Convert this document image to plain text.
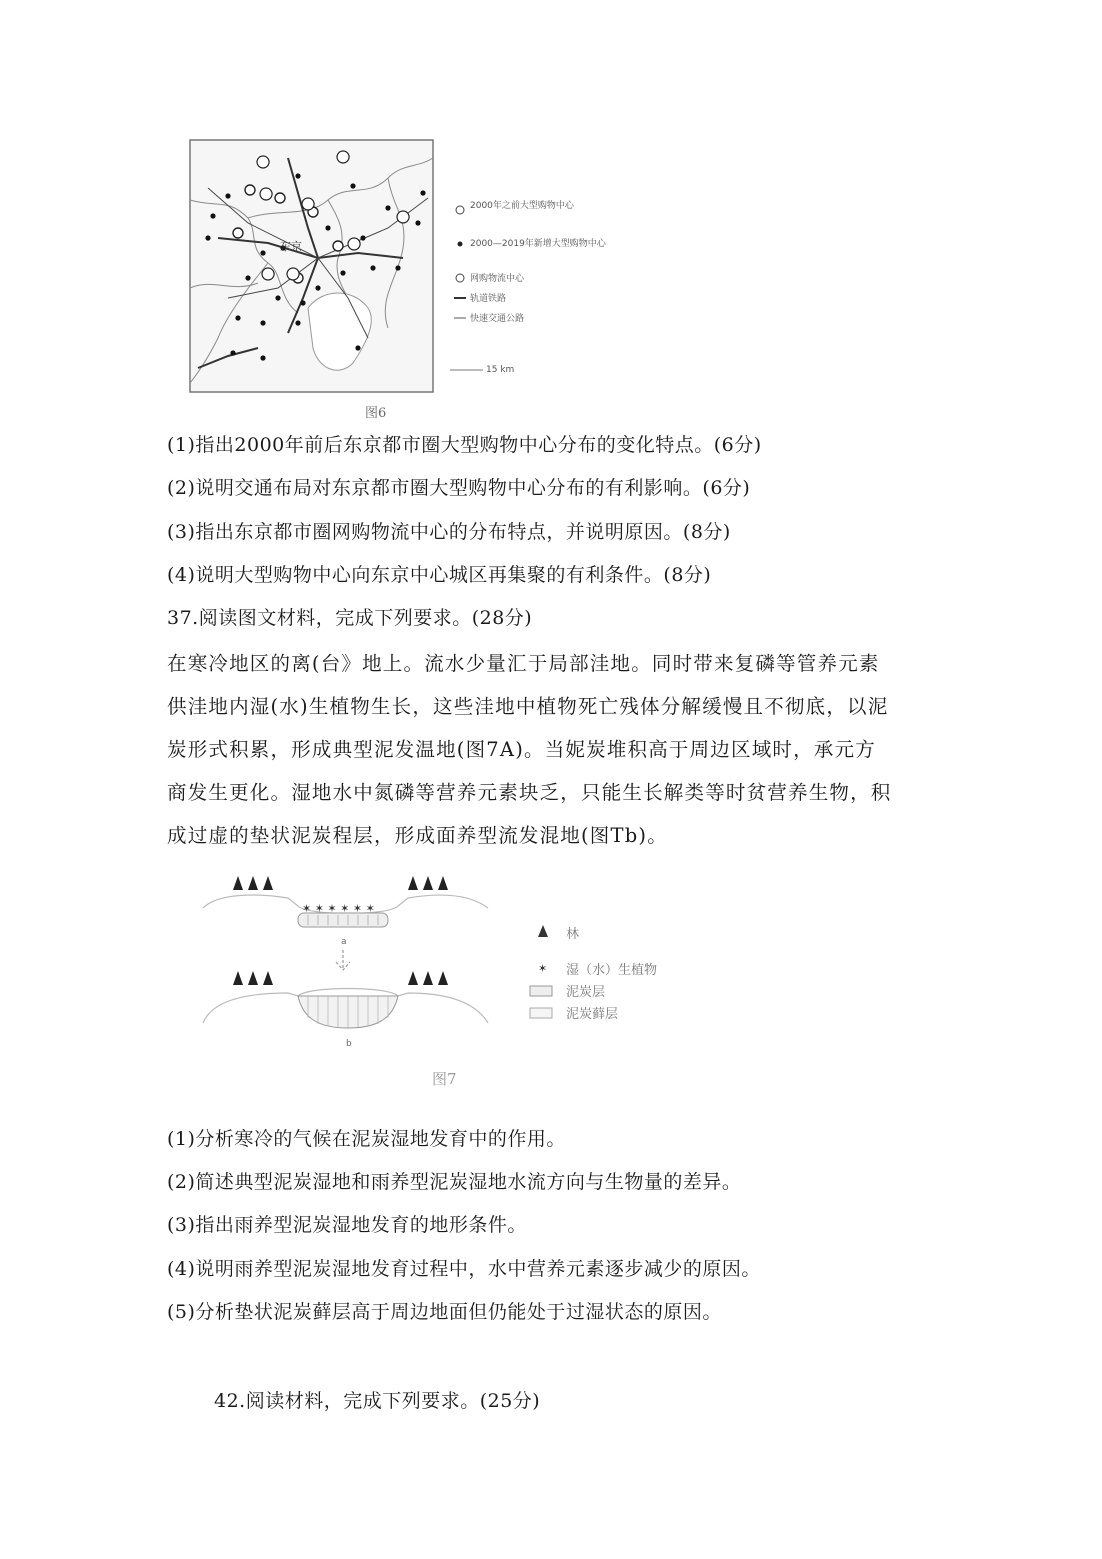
东京
2000年之前大型购物中心
2000—2019年新增大型购物中心
网购物流中心
轨道铁路
快速交通公路
15 km
图6
(1)指出2000年前后东京都市圈大型购物中心分布的变化特点。(6分)
(2)说明交通布局对东京都市圈大型购物中心分布的有利影响。(6分)
(3)指出东京都市圈网购物流中心的分布特点，并说明原因。(8分)
(4)说明大型购物中心向东京中心城区再集聚的有利条件。(8分)
37.阅读图文材料，完成下列要求。(28分)
在寒冷地区的离(台》地上。流水少量汇于局部洼地。同时带来复磷等管养元素
供洼地内湿(水)生植物生长，这些洼地中植物死亡残体分解缓慢且不彻底，以泥
炭形式积累，形成典型泥发温地(图7A)。当妮炭堆积高于周边区域时，承元方
商发生更化。湿地水中氮磷等营养元素块乏，只能生长解类等时贫营养生物，积
成过虚的垫状泥炭程层，形成面养型流发混地(图Tb)。
✶ ✶ ✶ ✶ ✶ ✶
a
b
林
✶ 湿（水）生植物
泥炭层
泥炭藓层
图7
(1)分析寒冷的气候在泥炭湿地发育中的作用。
(2)简述典型泥炭湿地和雨养型泥炭湿地水流方向与生物量的差异。
(3)指出雨养型泥炭湿地发育的地形条件。
(4)说明雨养型泥炭湿地发育过程中，水中营养元素逐步减少的原因。
(5)分析垫状泥炭藓层高于周边地面但仍能处于过湿状态的原因。
42.阅读材料，完成下列要求。(25分)
